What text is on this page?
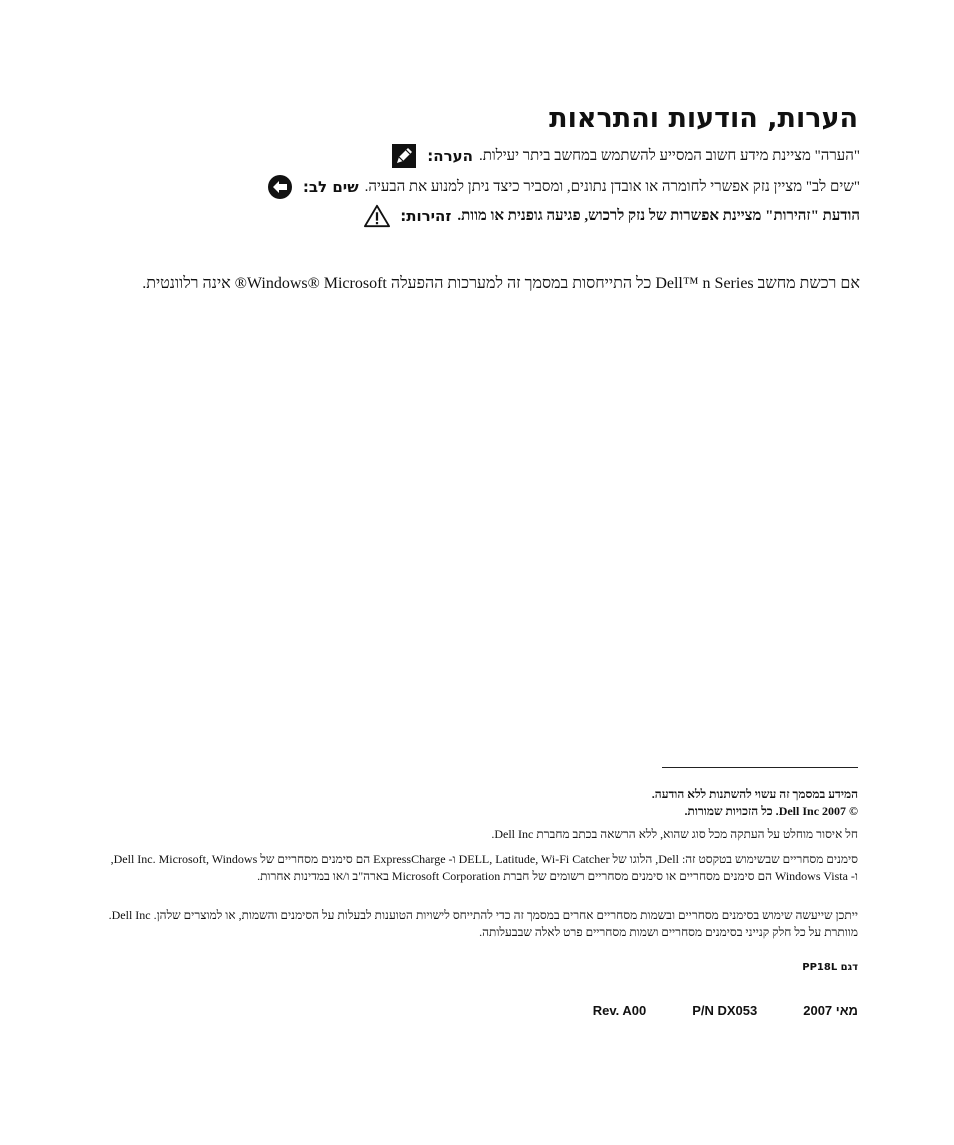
הערות, הודעות והתראות
הערה: "הערה" מציינת מידע חשוב המסייע להשתמש במחשב ביתר יעילות.
שים לב: "שים לב" מציין נזק אפשרי לחומרה או אובדן נתונים, ומסביר כיצד ניתן למנוע את הבעיה.
זהירות: הודעת "זהירות" מציינת אפשרות של נזק לרכוש, פגיעה גופנית או מוות.

אם רכשת מחשב Dell™ n Series כל התייחסות במסמך זה למערכות ההפעלה Windows® Microsoft® אינה רלוונטית.

המידע במסמך זה עשוי להשתנות ללא הודעה.

© 2007 Dell Inc. כל הזכויות שמורות.

חל איסור מוחלט על העתקה מכל סוג שהוא, ללא הרשאה בכתב מחברת Dell Inc.

סימנים מסחריים שבשימוש בטקסט זה: Dell, הלוגו של DELL, Latitude, Wi-Fi Catcher ו- ExpressCharge הם סימנים מסחריים של Dell Inc. Microsoft, Windows, ו- Windows Vista הם סימנים מסחריים או סימנים מסחריים רשומים של חברת Microsoft Corporation בארה"ב ו/או במדינות אחרות.

ייתכן שייעשה שימוש בסימנים מסחריים ובשמות מסחריים אחרים במסמך זה כדי להתייחס לישויות הטוענות לבעלות על הסימנים והשמות, או למוצרים שלהן. Dell Inc. מוותרת על כל חלק קנייני בסימנים מסחריים ושמות מסחריים פרט לאלה שבבעלותה.

דגם PP18L
מאי 2007
P/N DX053
Rev. A00
